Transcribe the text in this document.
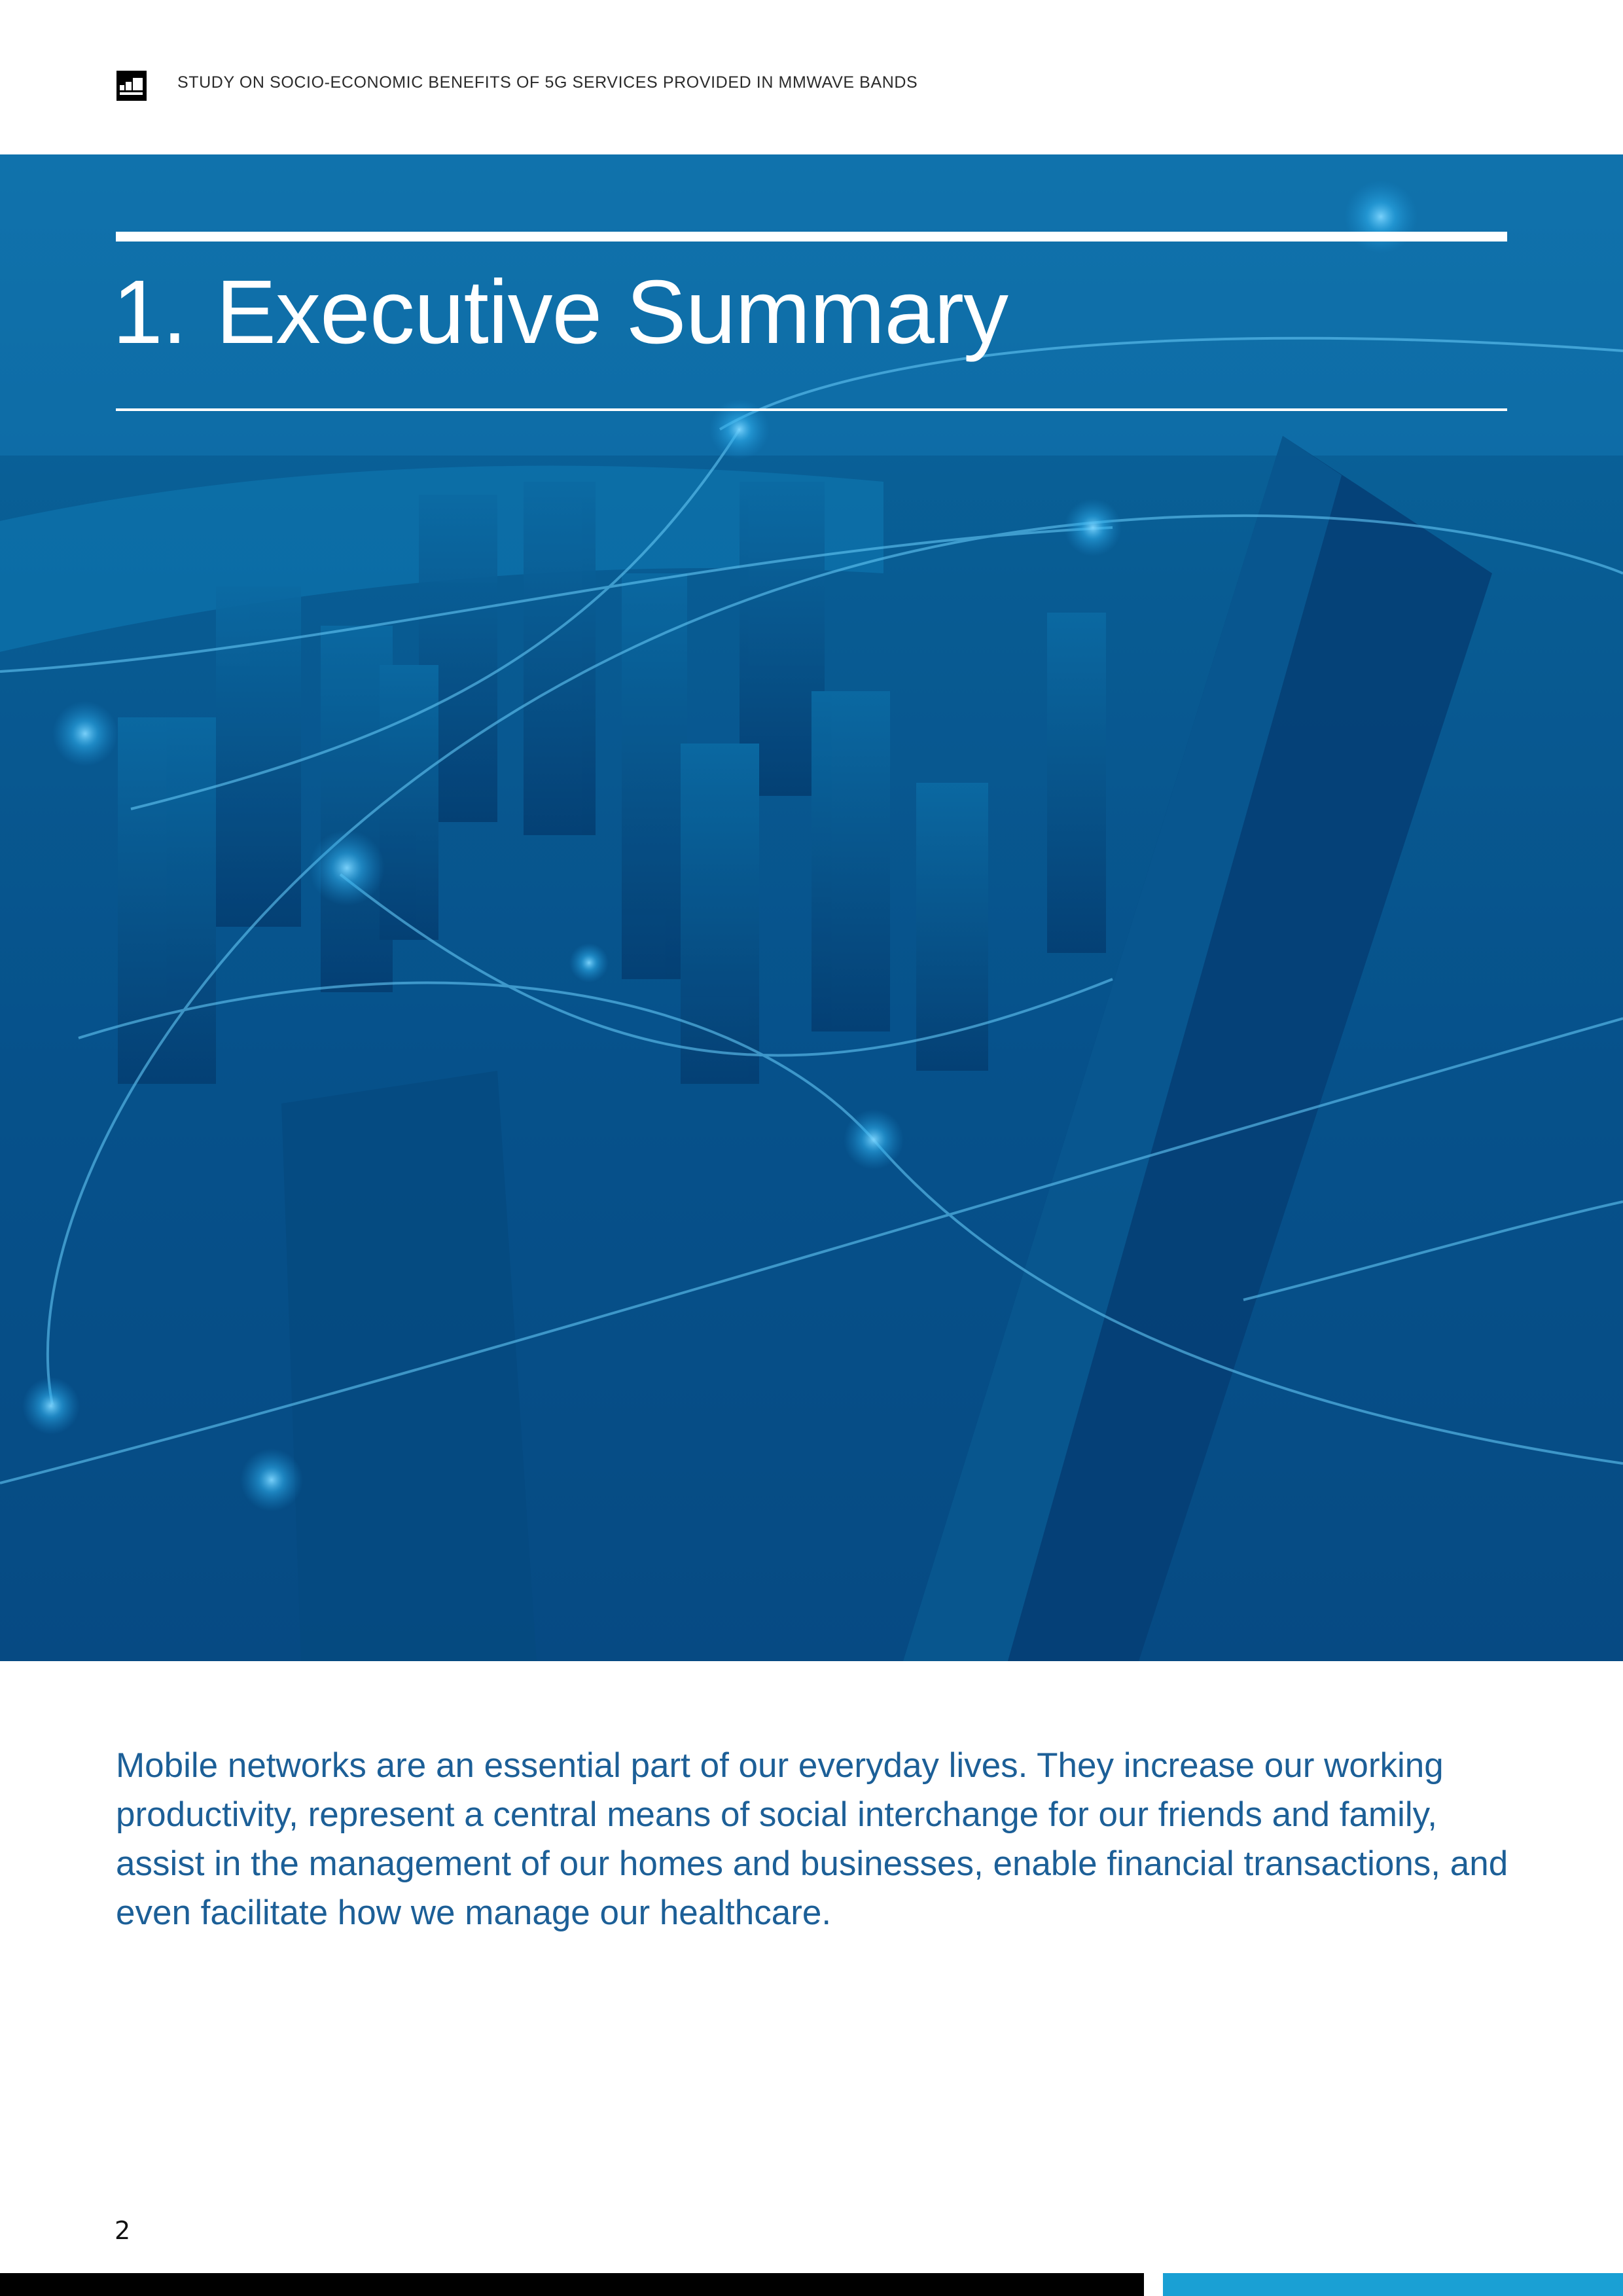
STUDY ON SOCIO-ECONOMIC BENEFITS OF 5G SERVICES PROVIDED IN MMWAVE BANDS
1. Executive Summary

Mobile networks are an essential part of our everyday lives. They increase our working productivity, represent a central means of social interchange for our friends and family, assist in the management of our homes and businesses, enable financial transactions, and even facilitate how we manage our healthcare.

2
